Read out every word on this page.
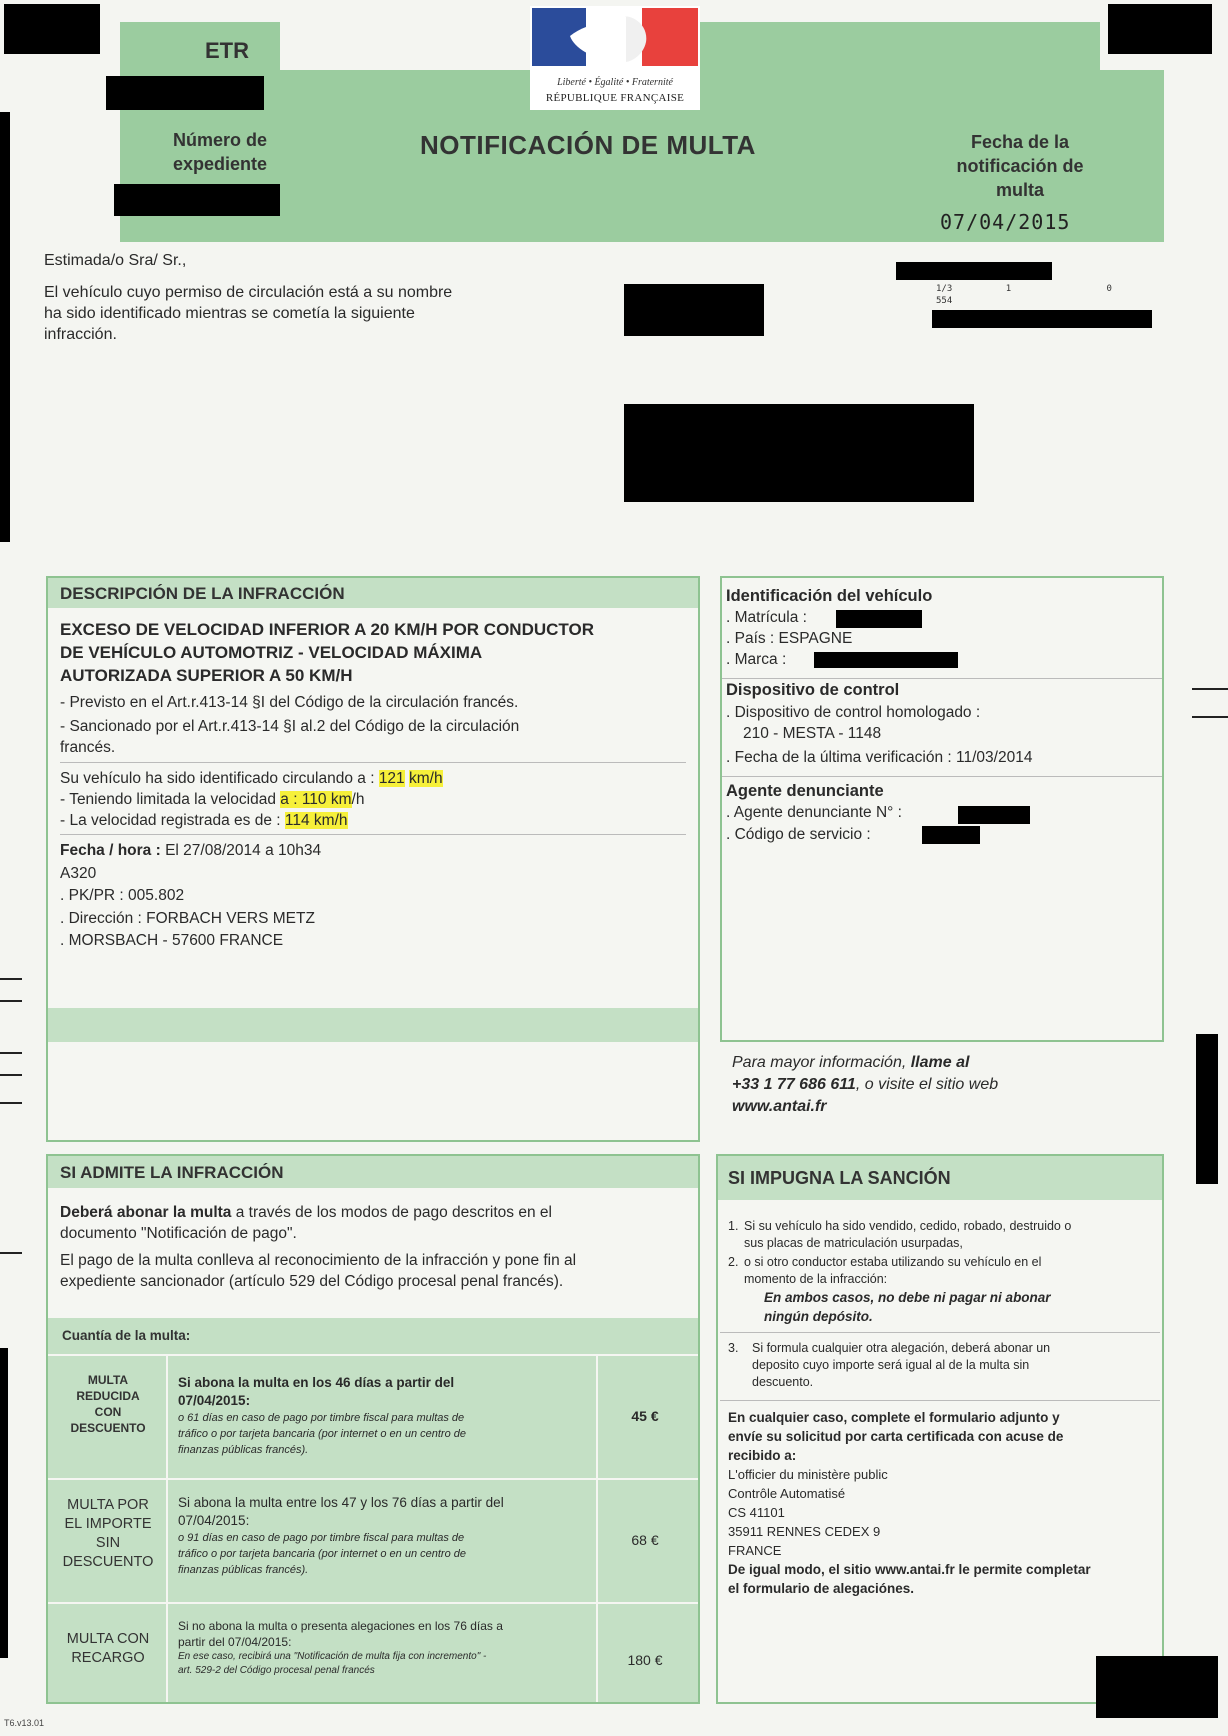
ETR
Liberté • Égalité • Fraternité
RÉPUBLIQUE FRANÇAISE
Número de
expediente
NOTIFICACIÓN DE MULTA	Fecha de la
notificación de
multa
07/04/2015
Estimada/o Sra/ Sr.,
El vehículo cuyo permiso de circulación está a su nombre
ha sido identificado mientras se cometía la siguiente
infracción.
1/3	1	0
554
DESCRIPCIÓN DE LA INFRACCIÓN
EXCESO DE VELOCIDAD INFERIOR A 20 KM/H POR CONDUCTOR
DE VEHÍCULO AUTOMOTRIZ - VELOCIDAD MÁXIMA
AUTORIZADA SUPERIOR A 50 KM/H
- Previsto en el Art.r.413-14 §I del Código de la circulación francés.
- Sancionado por el Art.r.413-14 §I al.2 del Código de la circulación
francés.
Su vehículo ha sido identificado circulando a : 121 km/h
- Teniendo limitada la velocidad a : 110 km/h
- La velocidad registrada es de : 114 km/h
Fecha / hora : El 27/08/2014 a 10h34
A320
. PK/PR : 005.802
. Dirección : FORBACH VERS METZ
. MORSBACH - 57600 FRANCE
Identificación del vehículo
. Matrícula :
. País : ESPAGNE
. Marca :
Dispositivo de control
. Dispositivo de control homologado :
210 - MESTA - 1148
. Fecha de la última verificación : 11/03/2014
Agente denunciante
. Agente denunciante N° :
. Código de servicio :
Para mayor información, llame al
+33 1 77 686 611, o visite el sitio web
www.antai.fr
SI ADMITE LA INFRACCIÓN
Deberá abonar la multa a través de los modos de pago descritos en el
documento "Notificación de pago".
El pago de la multa conlleva al reconocimiento de la infracción y pone fin al
expediente sancionador (artículo 529 del Código procesal penal francés).
Cuantía de la multa:
MULTA
REDUCIDA
CON
DESCUENTO
Si abona la multa en los 46 días a partir del
07/04/2015:
o 61 días en caso de pago por timbre fiscal para multas de
tráfico o por tarjeta bancaria (por internet o en un centro de
finanzas públicas francés).
45 €
MULTA POR
EL IMPORTE
SIN
DESCUENTO
Si abona la multa entre los 47 y los 76 días a partir del
07/04/2015:
o 91 días en caso de pago por timbre fiscal para multas de
tráfico o por tarjeta bancaria (por internet o en un centro de
finanzas públicas francés).
68 €
MULTA CON
RECARGO
Si no abona la multa o presenta alegaciones en los 76 días a
partir del 07/04/2015:
En ese caso, recibirá una "Notificación de multa fija con incremento" -
art. 529-2 del Código procesal penal francés
180 €
SI IMPUGNA LA SANCIÓN
1. Si su vehículo ha sido vendido, cedido, robado, destruido o
sus placas de matriculación usurpadas,
2. o si otro conductor estaba utilizando su vehículo en el
momento de la infracción:
En ambos casos, no debe ni pagar ni abonar
ningún depósito.
3.	Si formula cualquier otra alegación, deberá abonar un
deposito cuyo importe será igual al de la multa sin
descuento.
En cualquier caso, complete el formulario adjunto y
envíe su solicitud por carta certificada con acuse de
recibido a:
L'officier du ministère public
Contrôle Automatisé
CS 41101
35911 RENNES CEDEX 9
FRANCE
De igual modo, el sitio www.antai.fr le permite completar
el formulario de alegaciónes.
T6.v13.01
